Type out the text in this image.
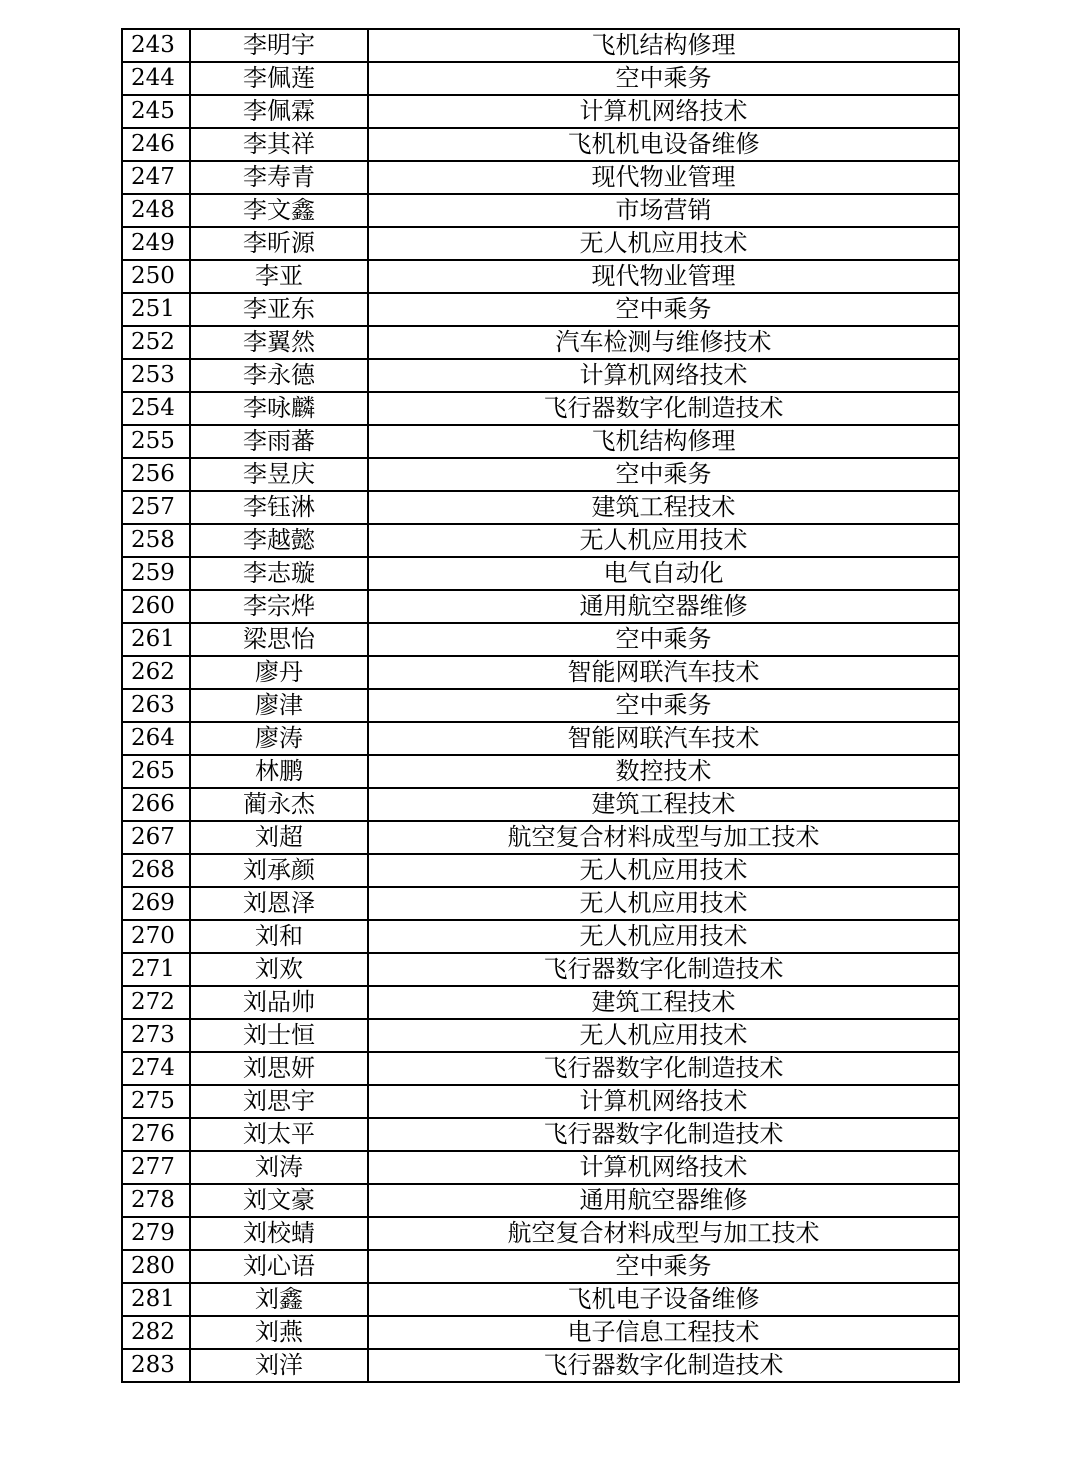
243	李明宇	飞机结构修理
244	李佩莲	空中乘务
245	李佩霖	计算机网络技术
246	李其祥	飞机机电设备维修
247	李寿青	现代物业管理
248	李文鑫	市场营销
249	李昕源	无人机应用技术
250	李亚	现代物业管理
251	李亚东	空中乘务
252	李翼然	汽车检测与维修技术
253	李永德	计算机网络技术
254	李咏麟	飞行器数字化制造技术
255	李雨蕃	飞机结构修理
256	李昱庆	空中乘务
257	李钰淋	建筑工程技术
258	李越懿	无人机应用技术
259	李志璇	电气自动化
260	李宗烨	通用航空器维修
261	梁思怡	空中乘务
262	廖丹	智能网联汽车技术
263	廖津	空中乘务
264	廖涛	智能网联汽车技术
265	林鹏	数控技术
266	蔺永杰	建筑工程技术
267	刘超	航空复合材料成型与加工技术
268	刘承颜	无人机应用技术
269	刘恩泽	无人机应用技术
270	刘和	无人机应用技术
271	刘欢	飞行器数字化制造技术
272	刘品帅	建筑工程技术
273	刘士恒	无人机应用技术
274	刘思妍	飞行器数字化制造技术
275	刘思宇	计算机网络技术
276	刘太平	飞行器数字化制造技术
277	刘涛	计算机网络技术
278	刘文豪	通用航空器维修
279	刘校蜻	航空复合材料成型与加工技术
280	刘心语	空中乘务
281	刘鑫	飞机电子设备维修
282	刘燕	电子信息工程技术
283	刘洋	飞行器数字化制造技术
